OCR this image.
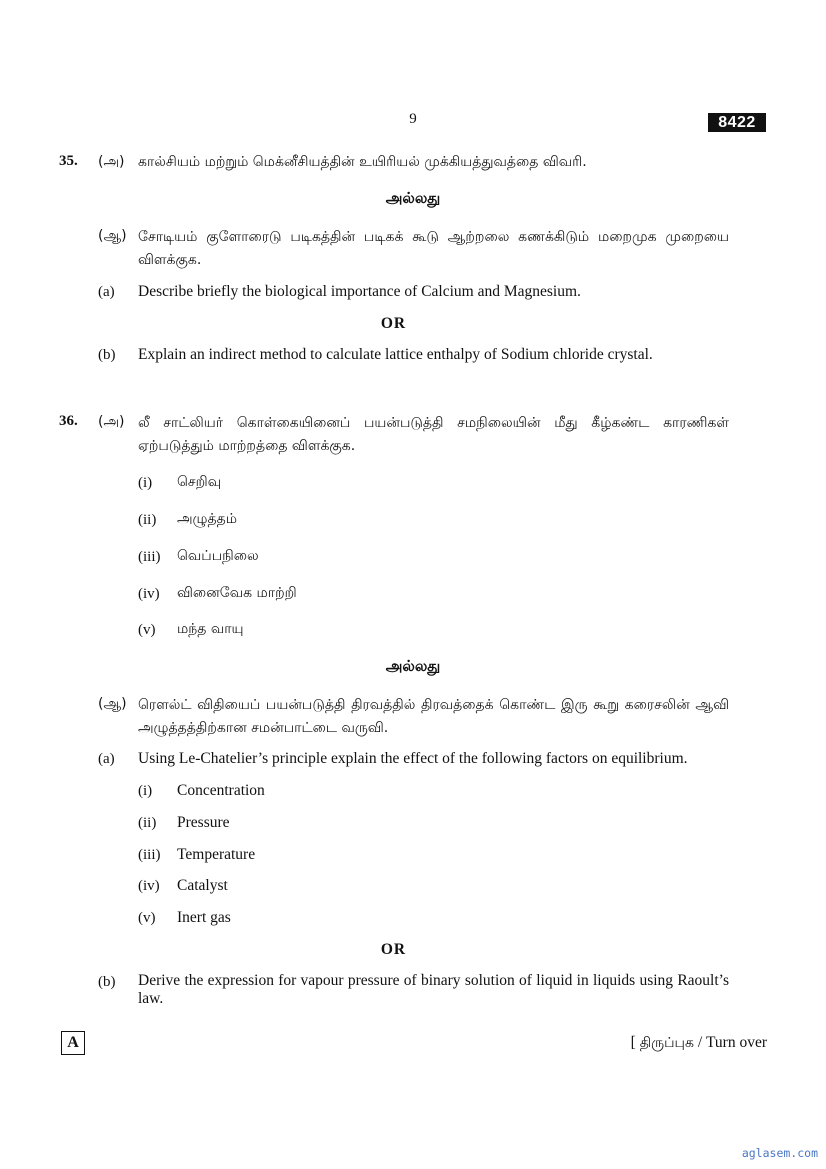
9	8422
35. (அ) கால்சியம் மற்றும் மெக்னீசியத்தின் உயிரியல் முக்கியத்துவத்தை விவரி.
அல்லது
(ஆ) சோடியம் குளோரைடு படிகத்தின் படிகக் கூடு ஆற்றலை கணக்கிடும் மறைமுக முறையை விளக்குக.
(a) Describe briefly the biological importance of Calcium and Magnesium.
OR
(b) Explain an indirect method to calculate lattice enthalpy of Sodium chloride crystal.
36. (அ) லீ சாட்லியர் கொள்கையினைப் பயன்படுத்தி சமநிலையின் மீது கீழ்கண்ட காரணிகள் ஏற்படுத்தும் மாற்றத்தை விளக்குக.
(i) செறிவு
(ii) அழுத்தம்
(iii) வெப்பநிலை
(iv) வினைவேக மாற்றி
(v) மந்த வாயு
அல்லது
(ஆ) ரௌல்ட் விதியைப் பயன்படுத்தி திரவத்தில் திரவத்தைக் கொண்ட இரு கூறு கரைசலின் ஆவி அழுத்தத்திற்கான சமன்பாட்டை வருவி.
(a) Using Le-Chatelier’s principle explain the effect of the following factors on equilibrium.
(i) Concentration
(ii) Pressure
(iii) Temperature
(iv) Catalyst
(v) Inert gas
OR
(b) Derive the expression for vapour pressure of binary solution of liquid in liquids using Raoult’s law.
A	[ திருப்புக / Turn over
aglasem.com
